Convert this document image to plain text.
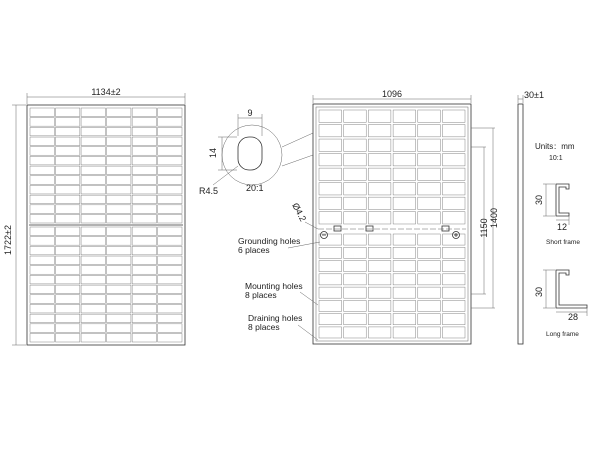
1134±2
1722±2
9
14
R4.5	20:1
1096
Ø4.2	1400
1150
Grounding holes
6 places
Mounting holes
8 places
Draining holes
8 places
30±1
Units：mm
10:1
30
12
Short frame
30
28
Long frame
